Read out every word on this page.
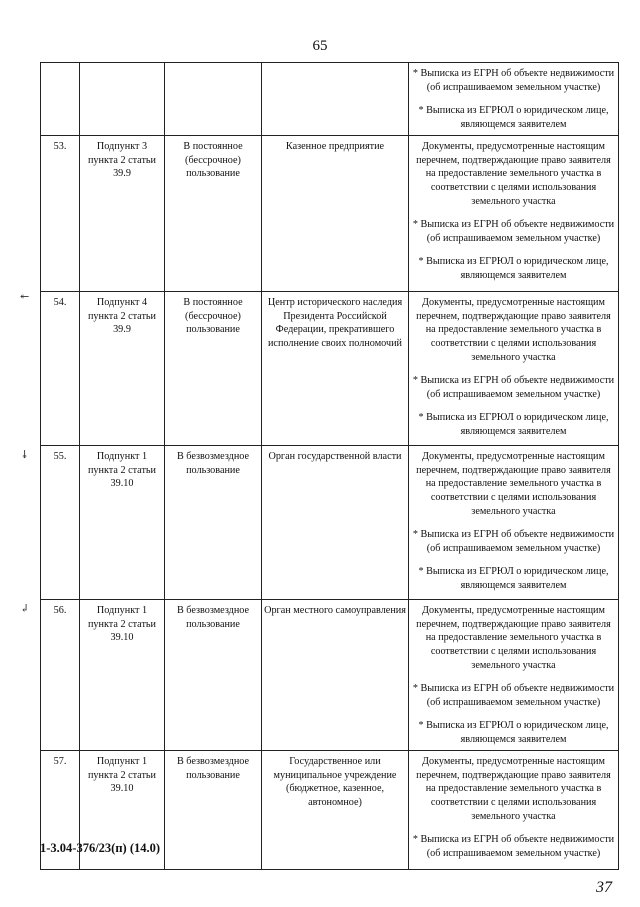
65

				* Выписка из ЕГРН об объекте недвижимости (об испрашиваемом земельном участке)

* Выписка из ЕГРЮЛ о юридическом лице, являющемся заявителем

53.	Подпункт 3 пункта 2 статьи 39.9	В постоянное (бессрочное) пользование	Казенное предприятие	Документы, предусмотренные настоящим перечнем, подтверждающие право заявителя на предоставление земельного участка в соответствии с целями использования земельного участка

* Выписка из ЕГРН об объекте недвижимости (об испрашиваемом земельном участке)

* Выписка из ЕГРЮЛ о юридическом лице, являющемся заявителем

54.	Подпункт 4 пункта 2 статьи 39.9	В постоянное (бессрочное) пользование	Центр исторического наследия Президента Российской Федерации, прекратившего исполнение своих полномочий	Документы, предусмотренные настоящим перечнем, подтверждающие право заявителя на предоставление земельного участка в соответствии с целями использования земельного участка

* Выписка из ЕГРН об объекте недвижимости (об испрашиваемом земельном участке)

* Выписка из ЕГРЮЛ о юридическом лице, являющемся заявителем

55.	Подпункт 1 пункта 2 статьи 39.10	В безвозмездное пользование	Орган государственной власти	Документы, предусмотренные настоящим перечнем, подтверждающие право заявителя на предоставление земельного участка в соответствии с целями использования земельного участка

* Выписка из ЕГРН об объекте недвижимости (об испрашиваемом земельном участке)

* Выписка из ЕГРЮЛ о юридическом лице, являющемся заявителем

56.	Подпункт 1 пункта 2 статьи 39.10	В безвозмездное пользование	Орган местного самоуправления	Документы, предусмотренные настоящим перечнем, подтверждающие право заявителя на предоставление земельного участка в соответствии с целями использования земельного участка

* Выписка из ЕГРН об объекте недвижимости (об испрашиваемом земельном участке)

* Выписка из ЕГРЮЛ о юридическом лице, являющемся заявителем

57.	Подпункт 1 пункта 2 статьи 39.10	В безвозмездное пользование	Государственное или муниципальное учреждение (бюджетное, казенное, автономное)	Документы, предусмотренные настоящим перечнем, подтверждающие право заявителя на предоставление земельного участка в соответствии с целями использования земельного участка

* Выписка из ЕГРН об объекте недвижимости (об испрашиваемом земельном участке)

↞
↡
↲
1-3.04-376/23(п) (14.0)
37
